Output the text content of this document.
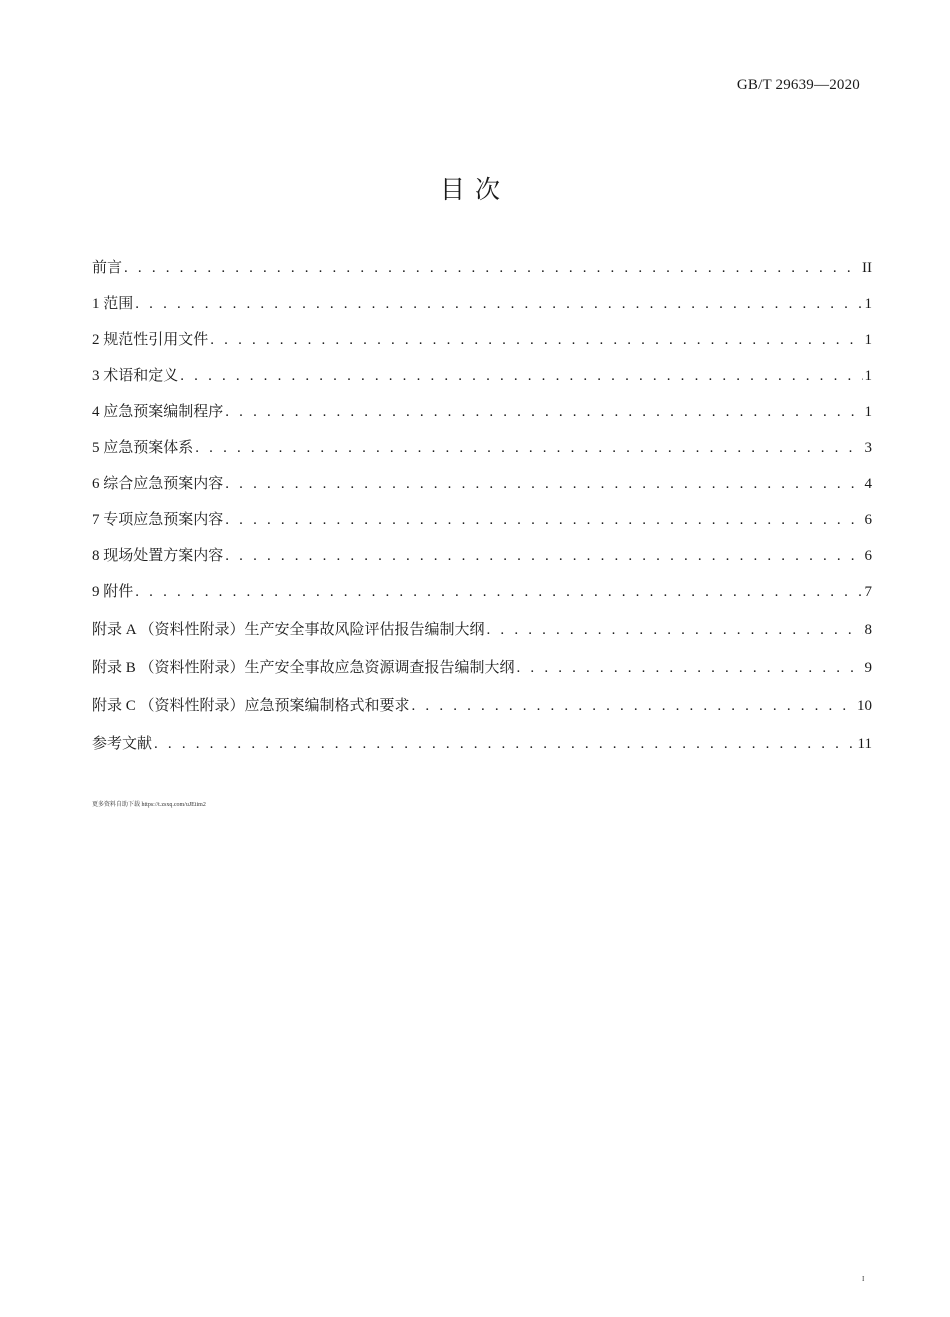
GB/T 29639—2020
目次
前言 . . .	II
1 范围 . . .	1
2 规范性引用文件 . . .	1
3 术语和定义 . . .	1
4 应急预案编制程序 . . .	1
5 应急预案体系 . . .	3
6 综合应急预案内容 . . .	4
7 专项应急预案内容 . . .	6
8 现场处置方案内容 . . .	6
9 附件 . . .	7
附录 A （资料性附录）生产安全事故风险评估报告编制大纲 . . .	8
附录 B （资料性附录）生产安全事故应急资源调查报告编制大纲 . . .	9
附录 C （资料性附录）应急预案编制格式和要求 . . .	10
参考文献 . . .	11
更多资料自助下载 https://t.zsxq.com/uJEiim2
I
